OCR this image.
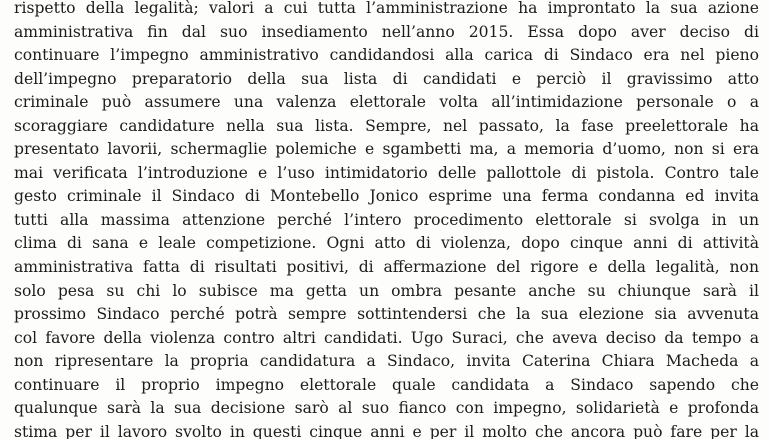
rispetto della legalità; valori a cui tutta l’amministrazione ha improntato la sua azione
amministrativa fin dal suo insediamento nell’anno 2015. Essa dopo aver deciso di
continuare l’impegno amministrativo candidandosi alla carica di Sindaco era nel pieno
dell’impegno preparatorio della sua lista di candidati e perciò il gravissimo atto
criminale può assumere una valenza elettorale volta all’intimidazione personale o a
scoraggiare candidature nella sua lista. Sempre, nel passato, la fase preelettorale ha
presentato lavorii, schermaglie polemiche e sgambetti ma, a memoria d’uomo, non si era
mai verificata l’introduzione e l’uso intimidatorio delle pallottole di pistola. Contro tale
gesto criminale il Sindaco di Montebello Jonico esprime una ferma condanna ed invita
tutti alla massima attenzione perché l’intero procedimento elettorale si svolga in un
clima di sana e leale competizione. Ogni atto di violenza, dopo cinque anni di attività
amministrativa fatta di risultati positivi, di affermazione del rigore e della legalità, non
solo pesa su chi lo subisce ma getta un ombra pesante anche su chiunque sarà il
prossimo Sindaco perché potrà sempre sottintendersi che la sua elezione sia avvenuta
col favore della violenza contro altri candidati. Ugo Suraci, che aveva deciso da tempo a
non ripresentare la propria candidatura a Sindaco, invita Caterina Chiara Macheda a
continuare il proprio impegno elettorale quale candidata a Sindaco sapendo che
qualunque sarà la sua decisione sarò al suo fianco con impegno, solidarietà e profonda
stima per il lavoro svolto in questi cinque anni e per il molto che ancora può fare per la
